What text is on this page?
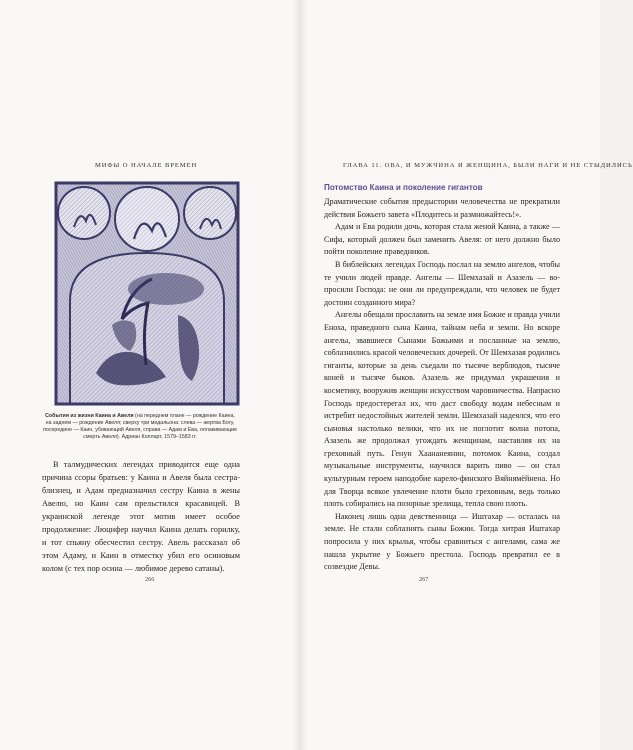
МИФЫ О НАЧАЛЕ ВРЕМЕН
События из жизни Каина и Авеля (на переднем плане — рождение Каина, на заднем — рождение Авеля; сверху три медальона: слева — жертва Богу, посередине — Каин, убивающий Авеля, справа — Адам и Ева, оплакивающие смерть Авеля). Адриан Колларт, 1579–1583 гг.

В талмудических легендах приводится еще одна причина ссоры братьев: у Каина и Авеля была сестра-близнец, и Адам предназначил сестру Каина в жены Авелю, но Каин сам прельстился красавицей. В украинской легенде этот мотив имеет особое продолжение: Люцифер научил Каина делать горилку, и тот спьяну обесчестил сестру. Авель рассказал об этом Адаму, и Каин в отместку убил его осиновым колом (с тех пор осина — любимое дерево сатаны).

266
ГЛАВА 11. ОВА, И МУЖЧИНА И ЖЕНЩИНА, БЫЛИ НАГИ И НЕ СТЫДИЛИСЬ
Потомство Каина и поколение гигантов

Драматические события предыстории человечества не прекратили действия Божьего завета «Плодитесь и размножайтесь!».

Адам и Ева родили дочь, которая стала женой Каина, а также — Сифа, который должен был заменить Авеля: от него должно было пойти поколение праведников.

В библейских легендах Господь послал на землю ангелов, чтобы те учили людей правде. Ангелы — Шемхазай и Азазель — вопросили Господа: не они ли предупреждали, что человек не будет достоин созданного мира?

Ангелы обещали прославить на земле имя Божие и правда учили Еноха, праведного сына Каина, тайнам неба и земли. Но вскоре ангелы, звавшиеся Сынами Божьими и посланные на землю, соблазнились красой человеческих дочерей. От Шемхазая родились гиганты, которые за день съедали по тысяче верблюдов, тысяче коней и тысяче быков. Азазель же придумал украшения и косметику, вооружив женщин искусством чаровничества. Напрасно Господь предостерегал их, что даст свободу водам небесным и истребит недостойных жителей земли. Шемхазай надеялся, что его сыновья настолько велики, что их не поглотит волна потопа, Азазель же продолжал угождать женщинам, наставляя их на греховный путь. Генун Хаананеянин, потомок Каина, создал музыкальные инструменты, научился варить пиво — он стал культурным героем наподобие карело-финского Вяйнямёйнена. Но для Творца всякое увлечение плоти было греховным, ведь только плоть собирались на позорные зрелища, тепла свою плоть.

Наконец лишь одна девственница — Иштахар — осталась на земле. Не стали соблазнять сыны Божии. Тогда хитрая Иштахар попросила у них крылья, чтобы сравниться с ангелами, сама же нашла укрытие у Божьего престола. Господь превратил ее в созвездие Девы.

267
